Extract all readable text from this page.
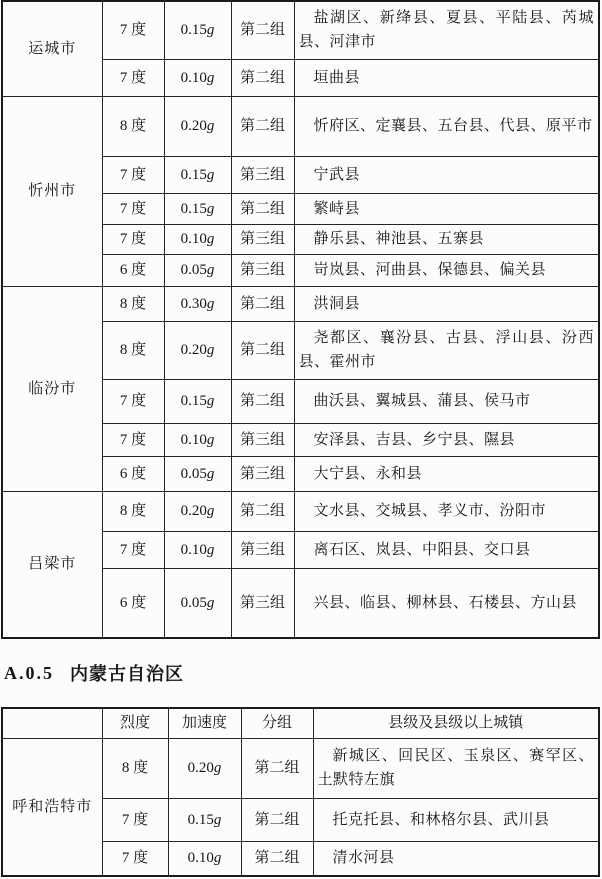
运城市	7 度	0.15g	第二组	盐湖区、新绛县、夏县、平陆县、芮城县、河津市
	7 度	0.10g	第二组	垣曲县
忻州市	8 度	0.20g	第二组	忻府区、定襄县、五台县、代县、原平市
	7 度	0.15g	第三组	宁武县
	7 度	0.15g	第二组	繁峙县
	7 度	0.10g	第三组	静乐县、神池县、五寨县
	6 度	0.05g	第三组	岢岚县、河曲县、保德县、偏关县
临汾市	8 度	0.30g	第二组	洪洞县
	8 度	0.20g	第二组	尧都区、襄汾县、古县、浮山县、汾西县、霍州市
	7 度	0.15g	第二组	曲沃县、翼城县、蒲县、侯马市
	7 度	0.10g	第三组	安泽县、吉县、乡宁县、隰县
	6 度	0.05g	第三组	大宁县、永和县
吕梁市	8 度	0.20g	第二组	文水县、交城县、孝义市、汾阳市
	7 度	0.10g	第三组	离石区、岚县、中阳县、交口县
	6 度	0.05g	第三组	兴县、临县、柳林县、石楼县、方山县
A.0.5 内蒙古自治区
	烈度	加速度	分组	县级及县级以上城镇
呼和浩特市	8 度	0.20g	第二组	新城区、回民区、玉泉区、赛罕区、土默特左旗
	7 度	0.15g	第二组	托克托县、和林格尔县、武川县
	7 度	0.10g	第二组	清水河县
